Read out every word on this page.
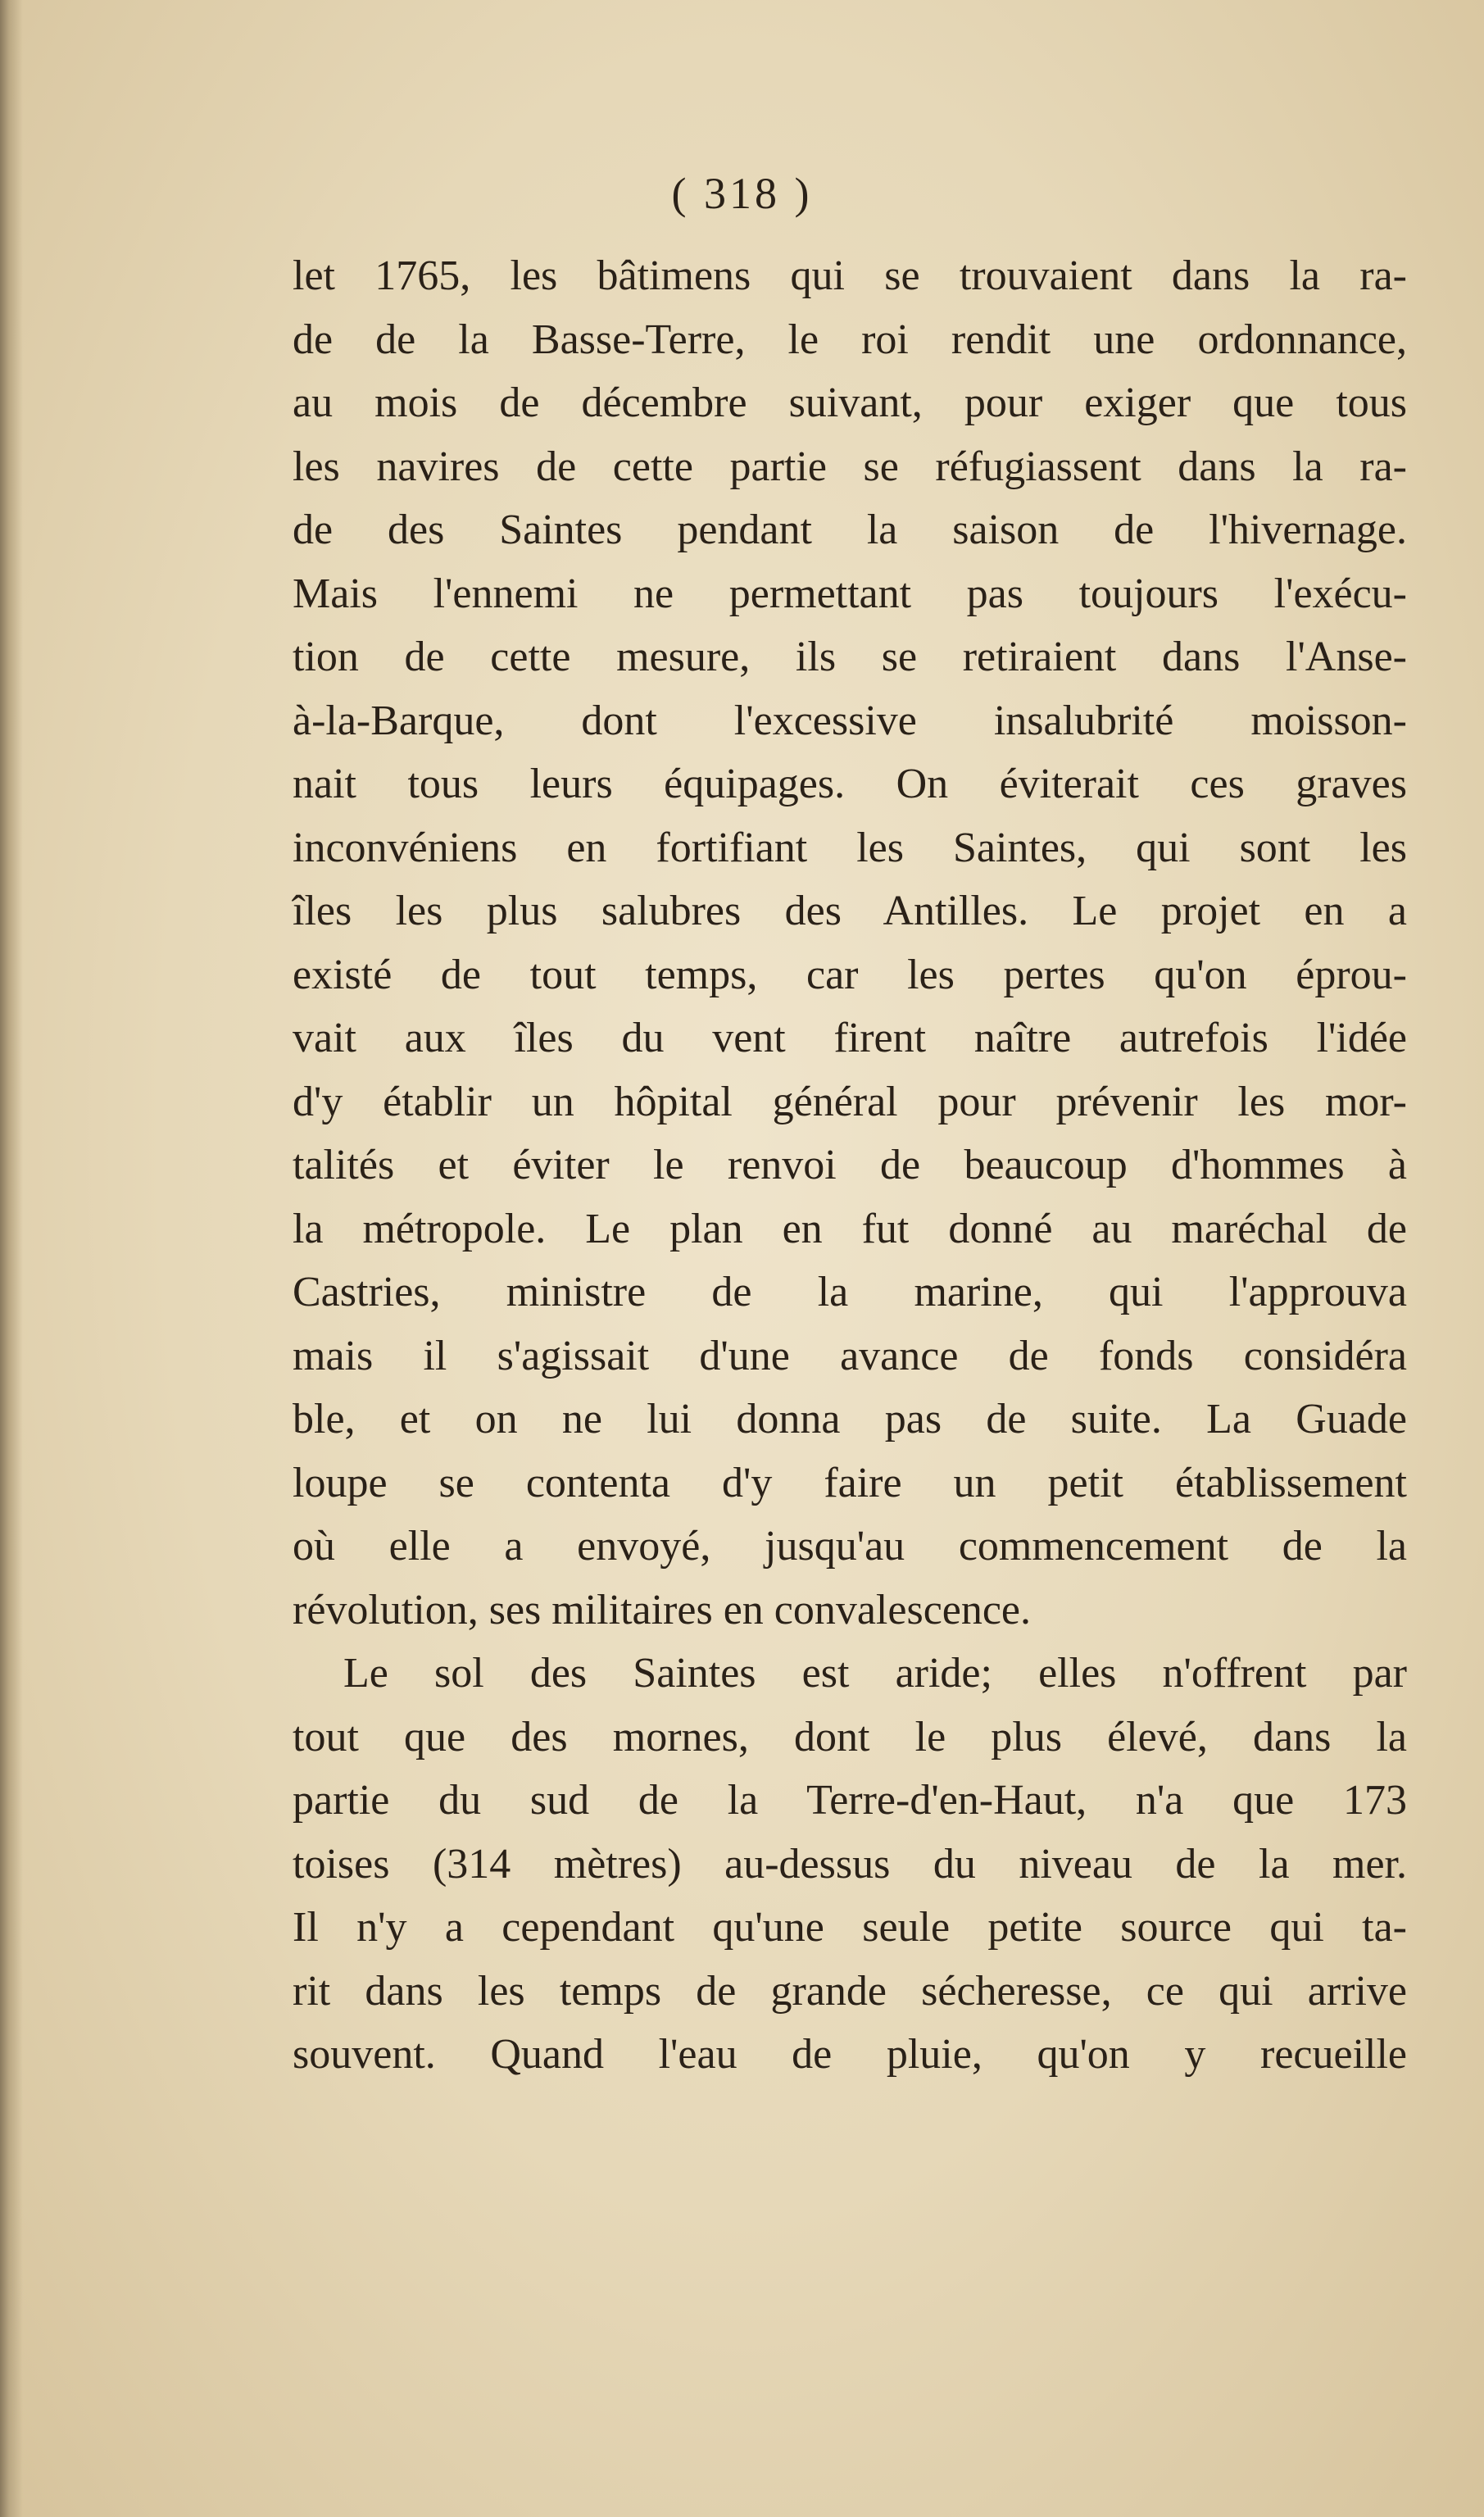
( 318 )
let 1765, les bâtimens qui se trouvaient dans la ra-
de de la Basse-Terre, le roi rendit une ordonnance,
au mois de décembre suivant, pour exiger que tous
les navires de cette partie se réfugiassent dans la ra-
de des Saintes pendant la saison de l'hivernage.
Mais l'ennemi ne permettant pas toujours l'exécu-
tion de cette mesure, ils se retiraient dans l'Anse-
à-la-Barque, dont l'excessive insalubrité moisson-
nait tous leurs équipages. On éviterait ces graves
inconvéniens en fortifiant les Saintes, qui sont les
îles les plus salubres des Antilles. Le projet en a
existé de tout temps, car les pertes qu'on éprou-
vait aux îles du vent firent naître autrefois l'idée
d'y établir un hôpital général pour prévenir les mor-
talités et éviter le renvoi de beaucoup d'hommes à
la métropole. Le plan en fut donné au maréchal de
Castries, ministre de la marine, qui l'approuva
mais il s'agissait d'une avance de fonds considéra
ble, et on ne lui donna pas de suite. La Guade
loupe se contenta d'y faire un petit établissement
où elle a envoyé, jusqu'au commencement de la
révolution, ses militaires en convalescence.
Le sol des Saintes est aride; elles n'offrent par
tout que des mornes, dont le plus élevé, dans la
partie du sud de la Terre-d'en-Haut, n'a que 173
toises (314 mètres) au-dessus du niveau de la mer.
Il n'y a cependant qu'une seule petite source qui ta-
rit dans les temps de grande sécheresse, ce qui arrive
souvent. Quand l'eau de pluie, qu'on y recueille
